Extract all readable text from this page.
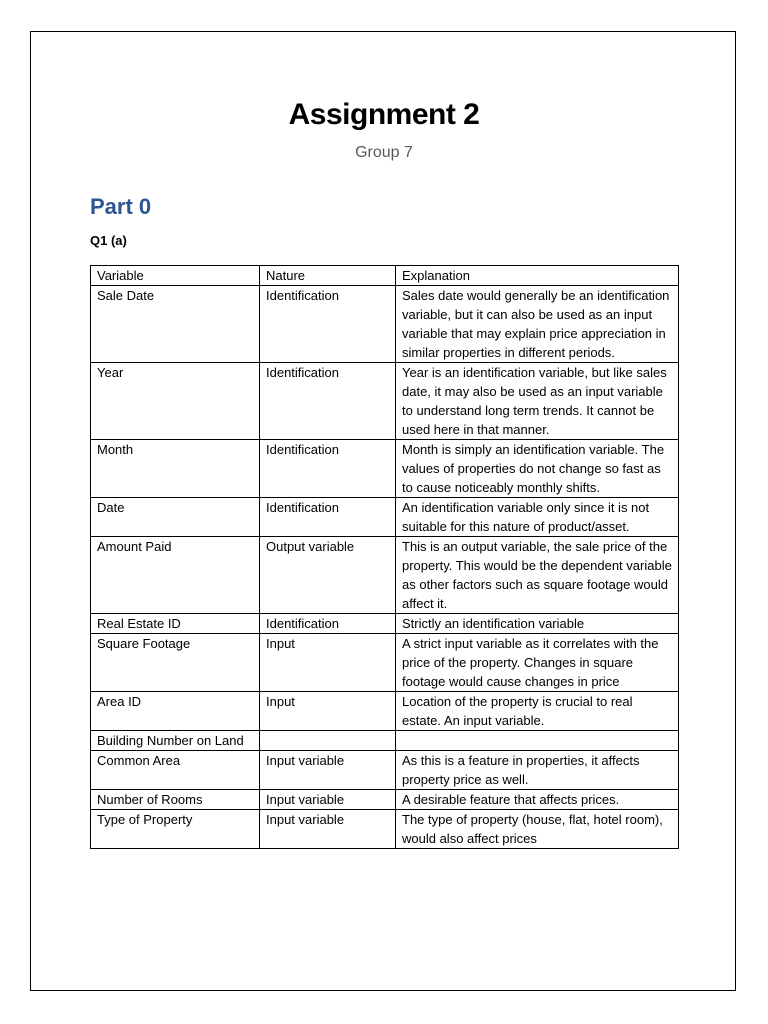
Assignment 2
Group 7
Part 0
Q1 (a)
Variable	Nature	Explanation
Sale Date	Identification	Sales date would generally be an identification variable, but it can also be used as an input variable that may explain price appreciation in similar properties in different periods.
Year	Identification	Year is an identification variable, but like sales date, it may also be used as an input variable to understand long term trends. It cannot be used here in that manner.
Month	Identification	Month is simply an identification variable. The values of properties do not change so fast as to cause noticeably monthly shifts.
Date	Identification	An identification variable only since it is not suitable for this nature of product/asset.
Amount Paid	Output variable	This is an output variable, the sale price of the property. This would be the dependent variable as other factors such as square footage would affect it.
Real Estate ID	Identification	Strictly an identification variable
Square Footage	Input	A strict input variable as it correlates with the price of the property. Changes in square footage would cause changes in price
Area ID	Input	Location of the property is crucial to real estate. An input variable.
Building Number on Land		
Common Area	Input variable	As this is a feature in properties, it affects property price as well.
Number of Rooms	Input variable	A desirable feature that affects prices.
Type of Property	Input variable	The type of property (house, flat, hotel room), would also affect prices
